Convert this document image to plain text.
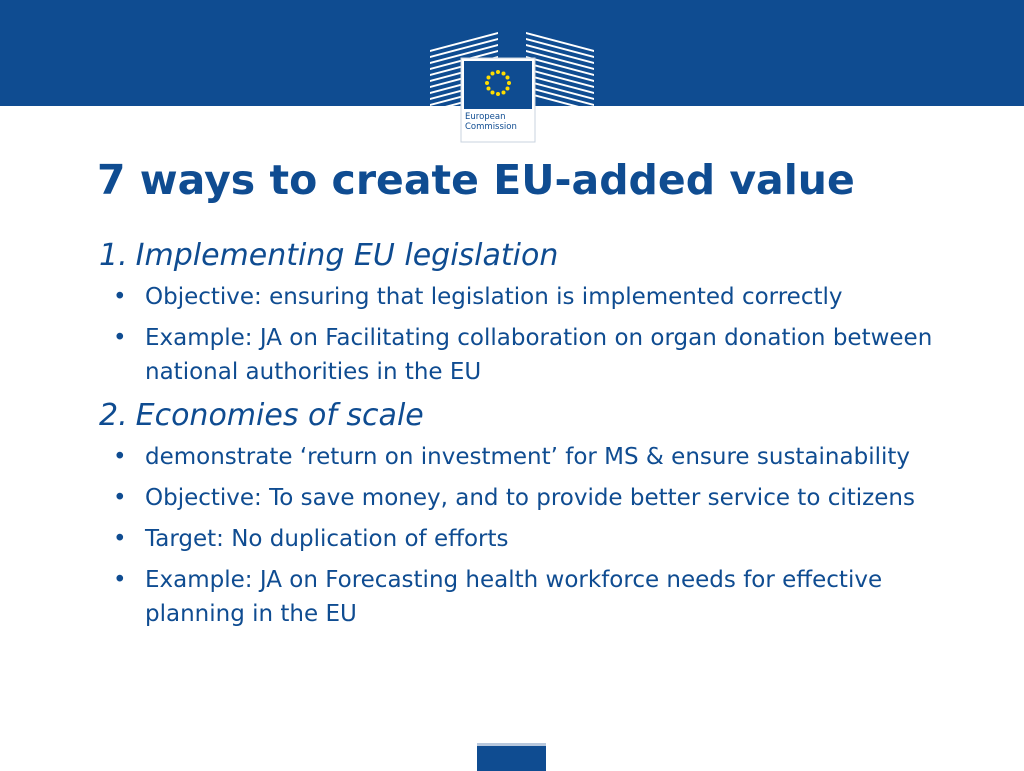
European
Commission
7 ways to create EU-added value

1. Implementing EU legislation

• Objective: ensuring that legislation is implemented correctly
• Example: JA on Facilitating collaboration on organ donation between national authorities in the EU

2. Economies of scale

• demonstrate ‘return on investment’ for MS & ensure sustainability
• Objective: To save money, and to provide better service to citizens
• Target: No duplication of efforts
• Example: JA on Forecasting health workforce needs for effective planning in the EU
